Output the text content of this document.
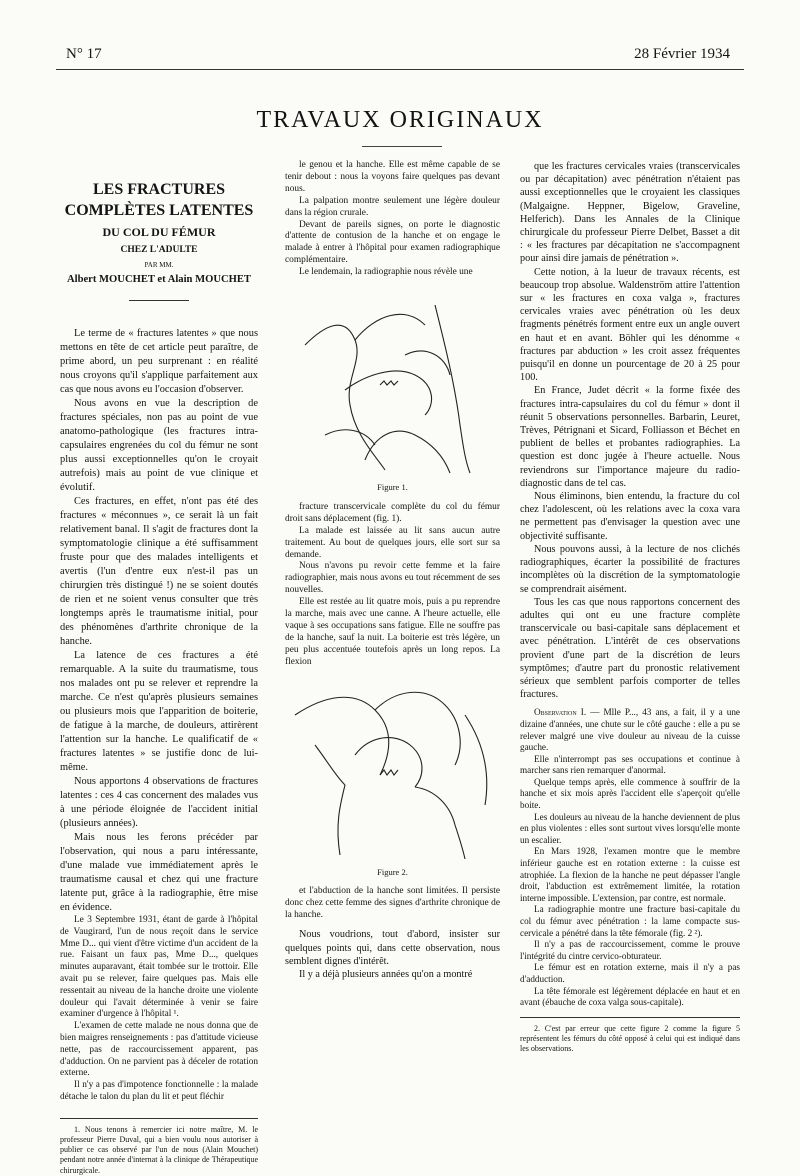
N° 17	28 Février 1934
TRAVAUX ORIGINAUX
LES FRACTURES
COMPLÈTES LATENTES
DU COL DU FÉMUR
CHEZ L'ADULTE
PAR MM.
Albert MOUCHET et Alain MOUCHET

Le terme de « fractures latentes » que nous mettons en tête de cet article peut paraître, de prime abord, un peu surprenant : en réalité nous croyons qu'il s'applique parfaitement aux cas que nous avons eu l'occasion d'observer.

Nous avons en vue la description de fractures spéciales, non pas au point de vue anatomo-pathologique (les fractures intra-capsulaires engrenées du col du fémur ne sont plus aussi exceptionnelles qu'on le croyait autrefois) mais au point de vue clinique et évolutif.

Ces fractures, en effet, n'ont pas été des fractures « méconnues », ce serait là un fait relativement banal. Il s'agit de fractures dont la symptomatologie clinique a été suffisamment fruste pour que des malades intelligents et avertis (l'un d'entre eux n'est-il pas un chirurgien très distingué !) ne se soient doutés de rien et ne soient venus consulter que très longtemps après le traumatisme initial, pour des phénomènes d'arthrite chronique de la hanche.

La latence de ces fractures a été remarquable. A la suite du traumatisme, tous nos malades ont pu se relever et reprendre la marche. Ce n'est qu'après plusieurs semaines ou plusieurs mois que l'apparition de boiterie, de fatigue à la marche, de douleurs, attirèrent l'attention sur la hanche. Le qualificatif de « fractures latentes » se justifie donc de lui-même.

Nous apportons 4 observations de fractures latentes : ces 4 cas concernent des malades vus à une période éloignée de l'accident initial (plusieurs années).

Mais nous les ferons précéder par l'observation, qui nous a paru intéressante, d'une malade vue immédiatement après le traumatisme causal et chez qui une fracture latente put, grâce à la radiographie, être mise en évidence.

Le 3 Septembre 1931, étant de garde à l'hôpital de Vaugirard, l'un de nous reçoit dans le service Mme D... qui vient d'être victime d'un accident de la rue. Faisant un faux pas, Mme D..., quelques minutes auparavant, était tombée sur le trottoir. Elle avait pu se relever, faire quelques pas. Mais elle ressentait au niveau de la hanche droite une violente douleur qui l'avait déterminée à venir se faire examiner d'urgence à l'hôpital ¹.

L'examen de cette malade ne nous donna que de bien maigres renseignements : pas d'attitude vicieuse nette, pas de raccourcissement apparent, pas d'adduction. On ne parvient pas à déceler de rotation externe.

Il n'y a pas d'impotence fonctionnelle : la malade détache le talon du plan du lit et peut fléchir

1. Nous tenons à remercier ici notre maître, M. le professeur Pierre Duval, qui a bien voulu nous autoriser à publier ce cas observé par l'un de nous (Alain Mouchet) pendant notre année d'internat à la clinique de Thérapeutique chirurgicale.

le genou et la hanche. Elle est même capable de se tenir debout : nous la voyons faire quelques pas devant nous.

La palpation montre seulement une légère douleur dans la région crurale.

Devant de pareils signes, on porte le diagnostic d'attente de contusion de la hanche et on engage le malade à entrer à l'hôpital pour examen radiographique complémentaire.

Le lendemain, la radiographie nous révèle une

Figure 1.

fracture transcervicale complète du col du fémur droit sans déplacement (fig. 1).

La malade est laissée au lit sans aucun autre traitement. Au bout de quelques jours, elle sort sur sa demande.

Nous n'avons pu revoir cette femme et la faire radiographier, mais nous avons eu tout récemment de ses nouvelles.

Elle est restée au lit quatre mois, puis a pu reprendre la marche, mais avec une canne. A l'heure actuelle, elle vaque à ses occupations sans fatigue. Elle ne souffre pas de la hanche, sauf la nuit. La boiterie est très légère, un peu plus accentuée toutefois après un long repos. La flexion

Figure 2.

et l'abduction de la hanche sont limitées. Il persiste donc chez cette femme des signes d'arthrite chronique de la hanche.

Nous voudrions, tout d'abord, insister sur quelques points qui, dans cette observation, nous semblent dignes d'intérêt.

Il y a déjà plusieurs années qu'on a montré

que les fractures cervicales vraies (transcervicales ou par décapitation) avec pénétration n'étaient pas aussi exceptionnelles que le croyaient les classiques (Malgaigne. Heppner, Bigelow, Graveline, Helferich). Dans les Annales de la Clinique chirurgicale du professeur Pierre Delbet, Basset a dit : « les fractures par décapitation ne s'accompagnent pour ainsi dire jamais de pénétration ».

Cette notion, à la lueur de travaux récents, est beaucoup trop absolue. Waldenström attire l'attention sur « les fractures en coxa valga », fractures cervicales vraies avec pénétration où les deux fragments pénétrés forment entre eux un angle ouvert en haut et en avant. Böhler qui les dénomme « fractures par abduction » les croit assez fréquentes puisqu'il en donne un pourcentage de 20 à 25 pour 100.

En France, Judet décrit « la forme fixée des fractures intra-capsulaires du col du fémur » dont il réunit 5 observations personnelles. Barbarin, Leuret, Trèves, Pétrignani et Sicard, Folliasson et Béchet en publient de belles et probantes radiographies. La question est donc jugée à l'heure actuelle. Nous reviendrons sur l'importance majeure du radio-diagnostic dans de tel cas.

Nous éliminons, bien entendu, la fracture du col chez l'adolescent, où les relations avec la coxa vara ne permettent pas d'envisager la question avec une objectivité suffisante.

Nous pouvons aussi, à la lecture de nos clichés radiographiques, écarter la possibilité de fractures incomplètes où la discrétion de la symptomatologie se comprendrait aisément.

Tous les cas que nous rapportons concernent des adultes qui ont eu une fracture complète transcervicale ou basi-capitale sans déplacement et avec pénétration. L'intérêt de ces observations provient d'une part de la discrétion de leurs symptômes; d'autre part du pronostic relativement sérieux que semblent parfois comporter de telles fractures.

Observation I. — Mlle P..., 43 ans, a fait, il y a une dizaine d'années, une chute sur le côté gauche : elle a pu se relever malgré une vive douleur au niveau de la cuisse gauche.

Elle n'interrompt pas ses occupations et continue à marcher sans rien remarquer d'anormal.

Quelque temps après, elle commence à souffrir de la hanche et six mois après l'accident elle s'aperçoit qu'elle boite.

Les douleurs au niveau de la hanche deviennent de plus en plus violentes : elles sont surtout vives lorsqu'elle monte un escalier.

En Mars 1928, l'examen montre que le membre inférieur gauche est en rotation externe : la cuisse est atrophiée. La flexion de la hanche ne peut dépasser l'angle droit, l'abduction est extrêmement limitée, la rotation interne impossible. L'extension, par contre, est normale.

La radiographie montre une fracture basi-capitale du col du fémur avec pénétration : la lame compacte sus-cervicale a pénétré dans la tête fémorale (fig. 2 ²).

Il n'y a pas de raccourcissement, comme le prouve l'intégrité du cintre cervico-obturateur.

Le fémur est en rotation externe, mais il n'y a pas d'adduction.

La tête fémorale est légèrement déplacée en haut et en avant (ébauche de coxa valga sous-capitale).

2. C'est par erreur que cette figure 2 comme la figure 5 représentent les fémurs du côté opposé à celui qui est indiqué dans les observations.
